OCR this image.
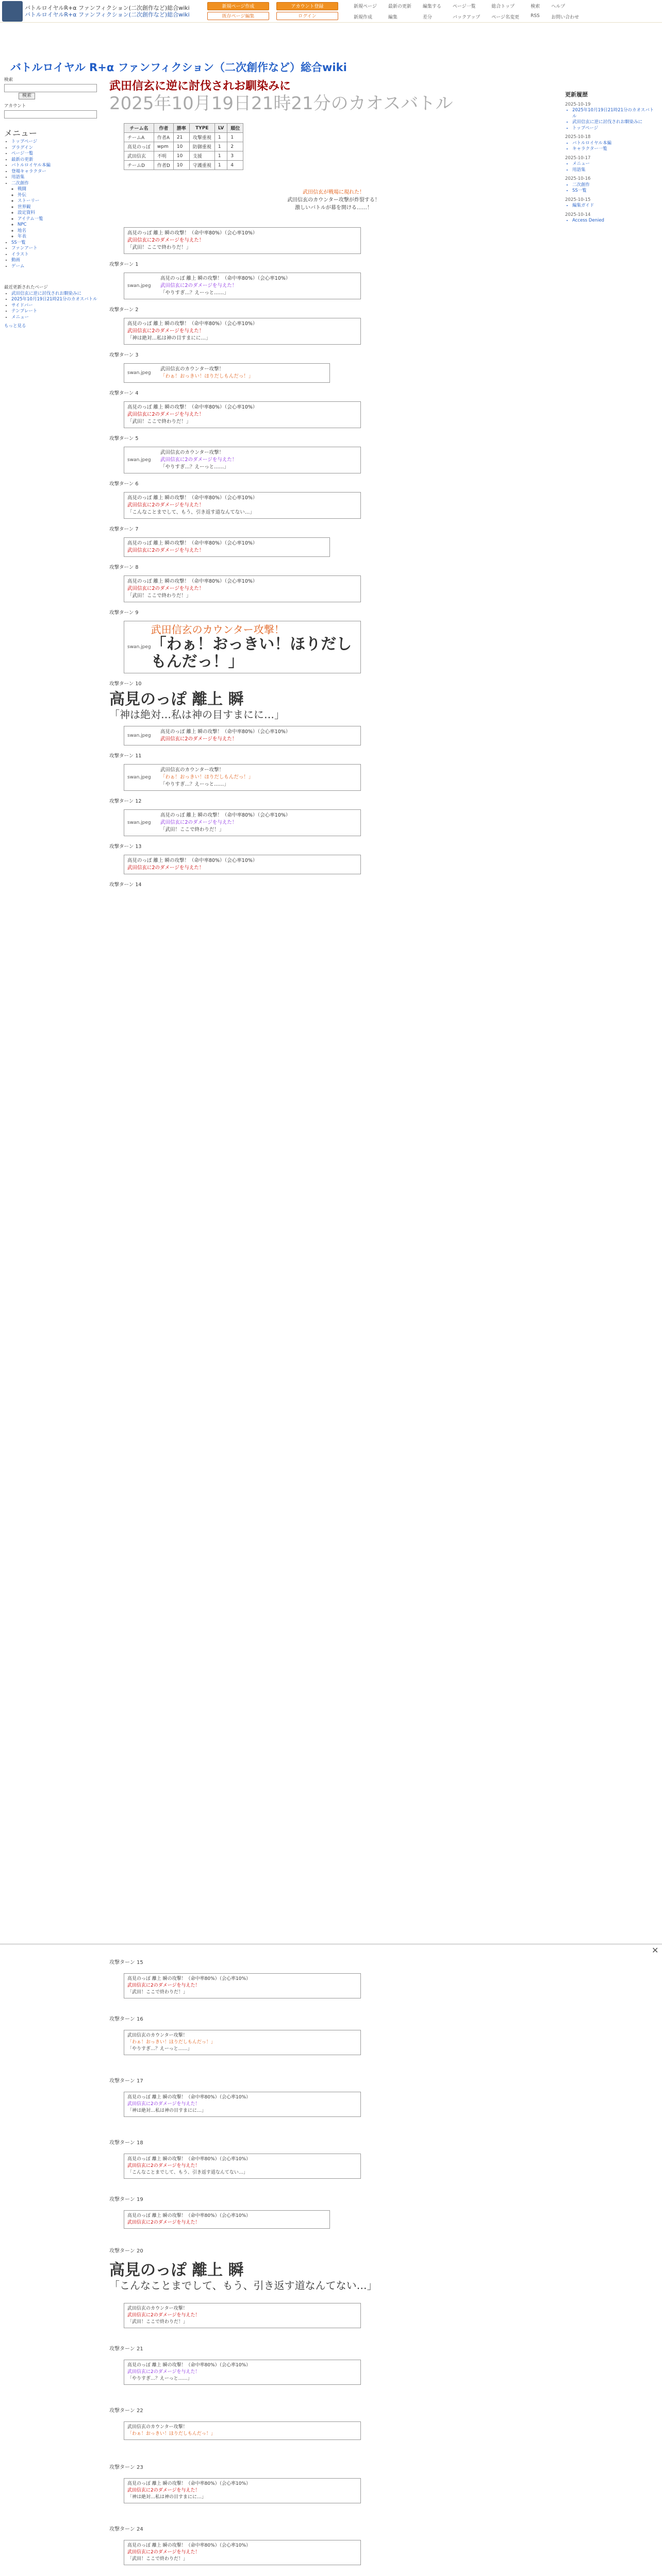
バトルロイヤルR+α ファンフィクション(二次創作など)総合wiki
バトルロイヤルR+α ファンフィクション(二次創作など)総合wiki
新規ページ作成
既存ページ編集
アカウント登録
ログイン
新規ページ 最新の更新 編集する ページ一覧	総合トップ	検索 ヘルプ
新規作成	編集	差分	バックアップ ページ名変更 RSS お問い合わせ
バトルロイヤル R+α ファンフィクション（二次創作など）総合wiki
検索
検索
アカウント
メニュー
• トップページ
• プラグイン
• ページ一覧
• 最新の更新
• バトルロイヤル本編
• 登場キャラクター
• 用語集
• 二次創作
◦ 戦闘
◦ 外伝
◦ ストーリー
◦ 世界観
◦ 設定資料
◦ アイテム一覧
◦ NPC
◦ 地名
◦ 年表
• SS一覧
• ファンアート
• イラスト
• 動画
• ゲーム
最近更新されたページ
• 武田信玄に逆に討伐されお馴染みに
• 2025年10月19日21時21分のカオスバトル
• サイドバー
• テンプレート
• メニュー
もっと見る
更新履歴
2025-10-19
• 2025年10月19日21時21分のカオスバトル
• 武田信玄に逆に討伐されお馴染みに
• トップページ
2025-10-18
• バトルロイヤル本編
• キャラクター一覧
2025-10-17
• メニュー
• 用語集
2025-10-16
• 二次創作
• SS一覧
2025-10-15
• 編集ガイド
2025-10-14
• Access Denied
武田信玄に逆に討伐されお馴染みに
2025年10月19日21時21分のカオスバトル
チーム名	作者	勝率	TYPE	LV	順位
チームA	作者A	21	攻撃重視	1	1
高見のっぽ	wpm	10	防御重視	1	2
武田信玄	不明	10	支援	1	3
チームD	作者D	10	守護重視	1	4
武田信玄が戦場に現れた！
武田信玄のカウンター攻撃が炸裂する！
激しいバトルが幕を開ける……！
高見のっぽ 離上 瞬の攻撃！（命中率80%）（会心率10%）
武田信玄に2のダメージを与えた！
「武田！ここで終わりだ！」
攻撃ターン 1
swan.jpeg
高見のっぽ 離上 瞬の攻撃！（命中率80%）（会心率10%）
武田信玄に2のダメージを与えた！
「やりすぎ…？えーっと……」
攻撃ターン 2
高見のっぽ 離上 瞬の攻撃！（命中率80%）（会心率10%）
武田信玄に2のダメージを与えた！
「神は絶対…私は神の目すまにに…」
攻撃ターン 3
swan.jpeg
武田信玄のカウンター攻撃！
「わぁ！おっきい！ほりだしもんだっ！」
攻撃ターン 4
高見のっぽ 離上 瞬の攻撃！（命中率80%）（会心率10%）
武田信玄に2のダメージを与えた！
「武田！ここで終わりだ！」
攻撃ターン 5
swan.jpeg
武田信玄のカウンター攻撃！
武田信玄に2のダメージを与えた！
「やりすぎ…？えーっと……」
攻撃ターン 6
高見のっぽ 離上 瞬の攻撃！（命中率80%）（会心率10%）
武田信玄に2のダメージを与えた！
「こんなことまでして、もう、引き返す道なんてない…」
攻撃ターン 7
高見のっぽ 離上 瞬の攻撃！（命中率80%）（会心率10%）
武田信玄に2のダメージを与えた！
攻撃ターン 8
高見のっぽ 離上 瞬の攻撃！（命中率80%）（会心率10%）
武田信玄に2のダメージを与えた！
「武田！ここで終わりだ！」
攻撃ターン 9
swan.jpeg
武田信玄のカウンター攻撃！
「わぁ！おっきい！ほりだしもんだっ！」
攻撃ターン 10
高見のっぽ 離上 瞬
「神は絶対…私は神の目すまにに…」
swan.jpeg
高見のっぽ 離上 瞬の攻撃！（命中率80%）（会心率10%）
武田信玄に2のダメージを与えた！
攻撃ターン 11
swan.jpeg
武田信玄のカウンター攻撃！
「わぁ！おっきい！ほりだしもんだっ！」
「やりすぎ…？えーっと……」
攻撃ターン 12
swan.jpeg
高見のっぽ 離上 瞬の攻撃！（命中率80%）（会心率10%）
武田信玄に2のダメージを与えた！
「武田！ここで終わりだ！」
攻撃ターン 13
高見のっぽ 離上 瞬の攻撃！（命中率80%）（会心率10%）
武田信玄に2のダメージを与えた！
攻撃ターン 14
✕
攻撃ターン 15
高見のっぽ 離上 瞬の攻撃！（命中率80%）（会心率10%）
武田信玄に2のダメージを与えた！
「武田！ここで終わりだ！」
攻撃ターン 16
武田信玄のカウンター攻撃！
「わぁ！おっきい！ほりだしもんだっ！」
「やりすぎ…？えーっと……」
攻撃ターン 17
高見のっぽ 離上 瞬の攻撃！（命中率80%）（会心率10%）
武田信玄に2のダメージを与えた！
「神は絶対…私は神の目すまにに…」
攻撃ターン 18
高見のっぽ 離上 瞬の攻撃！（命中率80%）（会心率10%）
武田信玄に2のダメージを与えた！
「こんなことまでして、もう、引き返す道なんてない…」
攻撃ターン 19
高見のっぽ 離上 瞬の攻撃！（命中率80%）（会心率10%）
武田信玄に2のダメージを与えた！
攻撃ターン 20
高見のっぽ 離上 瞬
「こんなことまでして、もう、引き返す道なんてない…」
武田信玄のカウンター攻撃！
武田信玄に2のダメージを与えた！
「武田！ここで終わりだ！」
攻撃ターン 21
高見のっぽ 離上 瞬の攻撃！（命中率80%）（会心率10%）
武田信玄に2のダメージを与えた！
「やりすぎ…？えーっと……」
攻撃ターン 22
武田信玄のカウンター攻撃！
「わぁ！おっきい！ほりだしもんだっ！」
攻撃ターン 23
高見のっぽ 離上 瞬の攻撃！（命中率80%）（会心率10%）
武田信玄に2のダメージを与えた！
「神は絶対…私は神の目すまにに…」
攻撃ターン 24
高見のっぽ 離上 瞬の攻撃！（命中率80%）（会心率10%）
武田信玄に2のダメージを与えた！
「武田！ここで終わりだ！」
